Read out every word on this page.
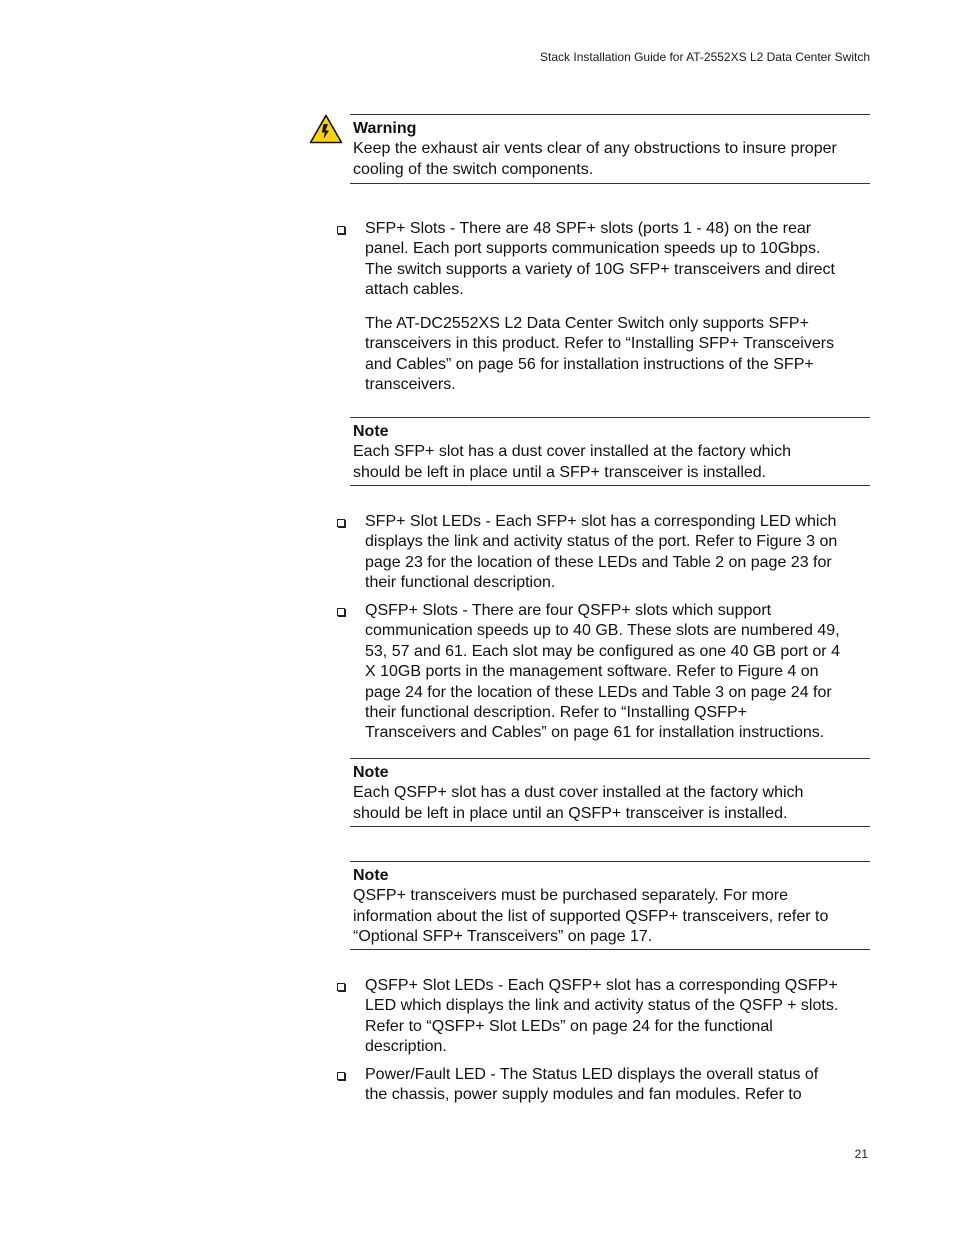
Stack Installation Guide for AT-2552XS L2 Data Center Switch
Warning
Keep the exhaust air vents clear of any obstructions to insure proper
cooling of the switch components.
SFP+ Slots - There are 48 SPF+ slots (ports 1 - 48) on the rear
panel. Each port supports communication speeds up to 10Gbps.
The switch supports a variety of 10G SFP+ transceivers and direct
attach cables.
The AT-DC2552XS L2 Data Center Switch only supports SFP+
transceivers in this product. Refer to “Installing SFP+ Transceivers
and Cables” on page 56 for installation instructions of the SFP+
transceivers.
Note
Each SFP+ slot has a dust cover installed at the factory which
should be left in place until a SFP+ transceiver is installed.
SFP+ Slot LEDs - Each SFP+ slot has a corresponding LED which
displays the link and activity status of the port. Refer to Figure 3 on
page 23 for the location of these LEDs and Table 2 on page 23 for
their functional description.
QSFP+ Slots - There are four QSFP+ slots which support
communication speeds up to 40 GB. These slots are numbered 49,
53, 57 and 61. Each slot may be configured as one 40 GB port or 4
X 10GB ports in the management software. Refer to Figure 4 on
page 24 for the location of these LEDs and Table 3 on page 24 for
their functional description. Refer to “Installing QSFP+
Transceivers and Cables” on page 61 for installation instructions.
Note
Each QSFP+ slot has a dust cover installed at the factory which
should be left in place until an QSFP+ transceiver is installed.
Note
QSFP+ transceivers must be purchased separately. For more
information about the list of supported QSFP+ transceivers, refer to
“Optional SFP+ Transceivers” on page 17.
QSFP+ Slot LEDs - Each QSFP+ slot has a corresponding QSFP+
LED which displays the link and activity status of the QSFP + slots.
Refer to “QSFP+ Slot LEDs” on page 24 for the functional
description.
Power/Fault LED - The Status LED displays the overall status of
the chassis, power supply modules and fan modules. Refer to
21
